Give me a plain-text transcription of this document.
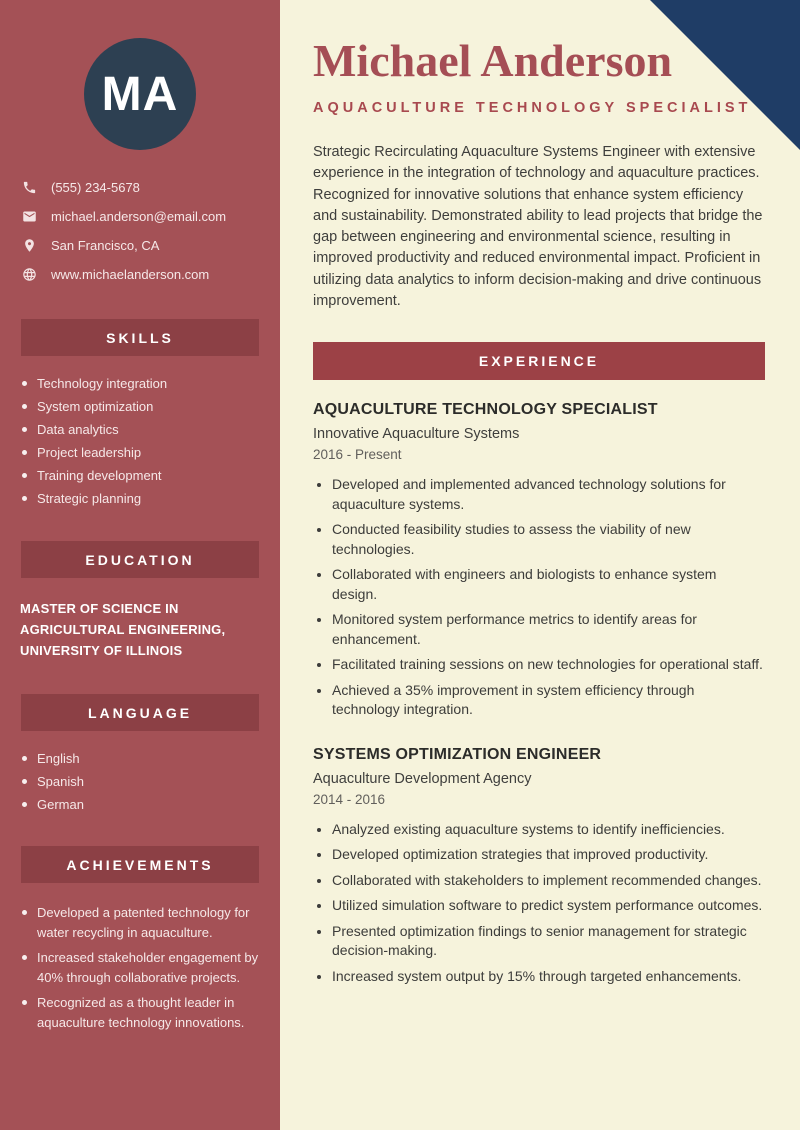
MA
(555) 234-5678
michael.anderson@email.com
San Francisco, CA
www.michaelanderson.com
SKILLS
Technology integration
System optimization
Data analytics
Project leadership
Training development
Strategic planning
EDUCATION
MASTER OF SCIENCE IN AGRICULTURAL ENGINEERING, UNIVERSITY OF ILLINOIS
LANGUAGE
English
Spanish
German
ACHIEVEMENTS
Developed a patented technology for water recycling in aquaculture.
Increased stakeholder engagement by 40% through collaborative projects.
Recognized as a thought leader in aquaculture technology innovations.
Michael Anderson
AQUACULTURE TECHNOLOGY SPECIALIST

Strategic Recirculating Aquaculture Systems Engineer with extensive experience in the integration of technology and aquaculture practices. Recognized for innovative solutions that enhance system efficiency and sustainability. Demonstrated ability to lead projects that bridge the gap between engineering and environmental science, resulting in improved productivity and reduced environmental impact. Proficient in utilizing data analytics to inform decision-making and drive continuous improvement.

EXPERIENCE
AQUACULTURE TECHNOLOGY SPECIALIST
Innovative Aquaculture Systems
2016 - Present
• Developed and implemented advanced technology solutions for aquaculture systems.
• Conducted feasibility studies to assess the viability of new technologies.
• Collaborated with engineers and biologists to enhance system design.
• Monitored system performance metrics to identify areas for enhancement.
• Facilitated training sessions on new technologies for operational staff.
• Achieved a 35% improvement in system efficiency through technology integration.
SYSTEMS OPTIMIZATION ENGINEER
Aquaculture Development Agency
2014 - 2016
• Analyzed existing aquaculture systems to identify inefficiencies.
• Developed optimization strategies that improved productivity.
• Collaborated with stakeholders to implement recommended changes.
• Utilized simulation software to predict system performance outcomes.
• Presented optimization findings to senior management for strategic decision-making.
• Increased system output by 15% through targeted enhancements.
